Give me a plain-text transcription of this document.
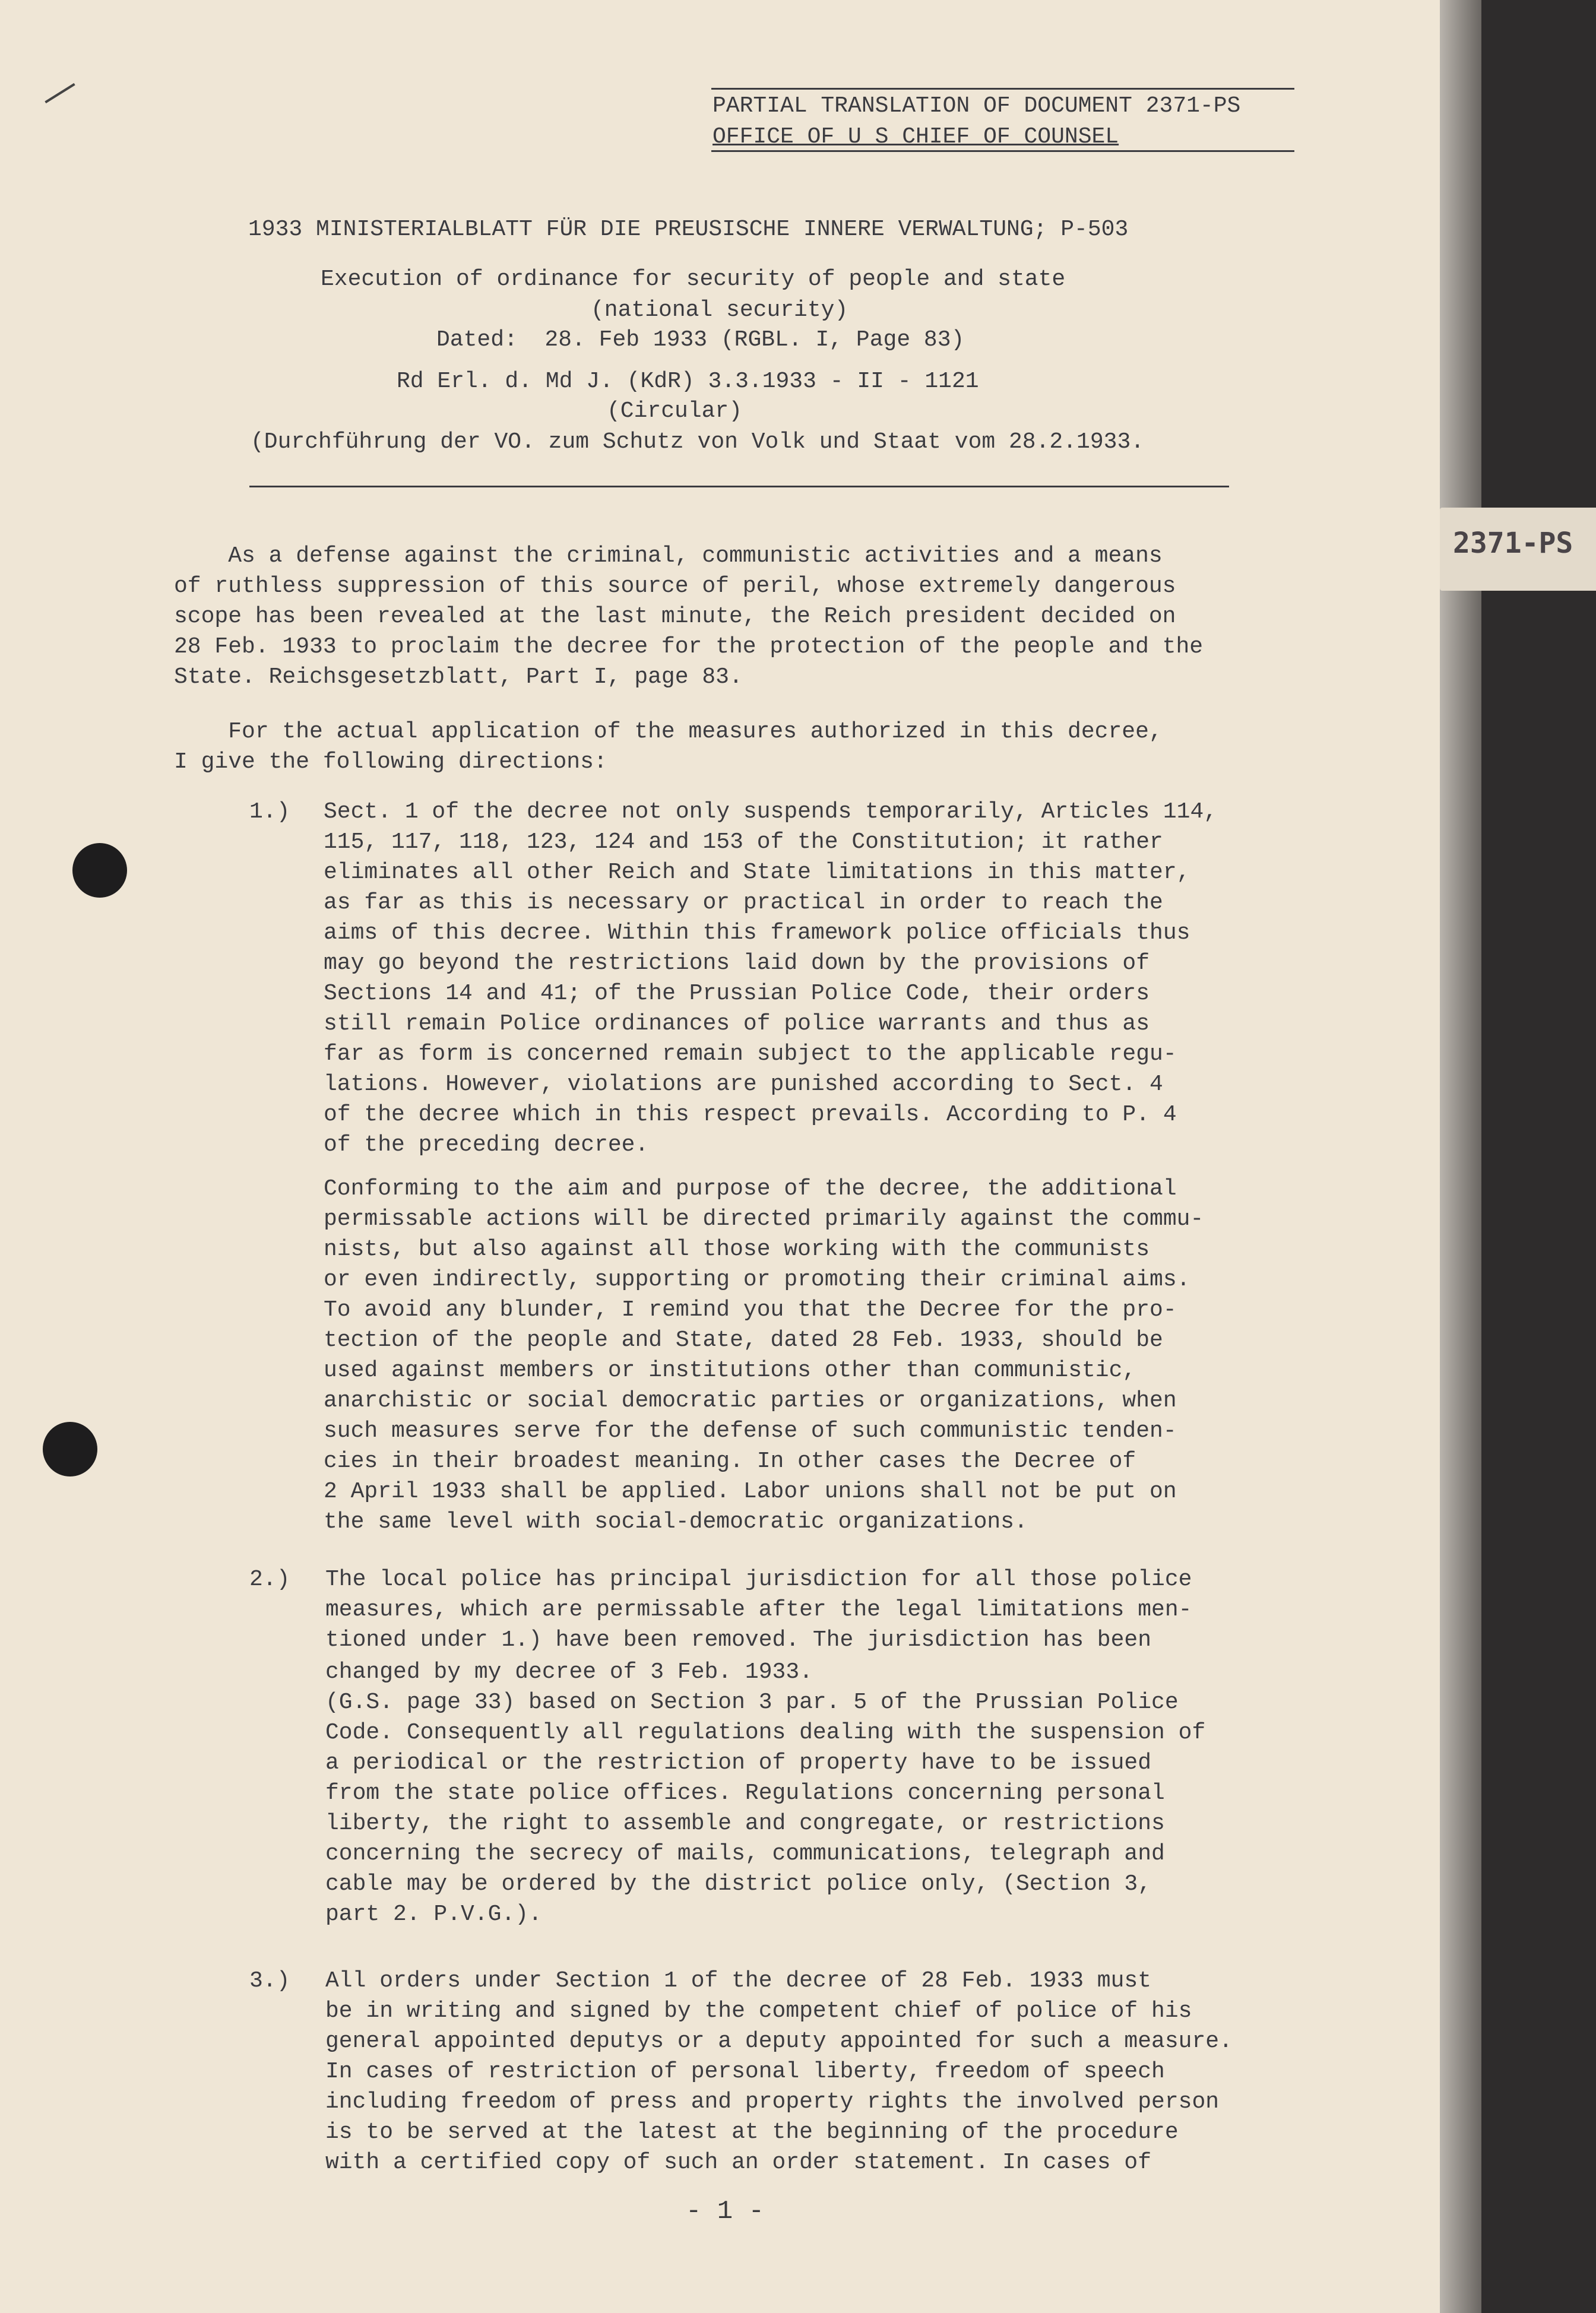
2371-PS
PARTIAL TRANSLATION OF DOCUMENT 2371-PS
OFFICE OF U S CHIEF OF COUNSEL
1933 MINISTERIALBLATT FÜR DIE PREUSISCHE INNERE VERWALTUNG; P-503
Execution of ordinance for security of people and state
(national security)
Dated:  28. Feb 1933 (RGBL. I, Page 83)
Rd Erl. d. Md J. (KdR) 3.3.1933 - II - 1121
(Circular)
(Durchführung der VO. zum Schutz von Volk und Staat vom 28.2.1933.
As a defense against the criminal, communistic activities and a means
of ruthless suppression of this source of peril, whose extremely dangerous
scope has been revealed at the last minute, the Reich president decided on
28 Feb. 1933 to proclaim the decree for the protection of the people and the
State. Reichsgesetzblatt, Part I, page 83.
For the actual application of the measures authorized in this decree,
I give the following directions:
1.) Sect. 1 of the decree not only suspends temporarily, Articles 114,
115, 117, 118, 123, 124 and 153 of the Constitution; it rather
eliminates all other Reich and State limitations in this matter,
as far as this is necessary or practical in order to reach the
aims of this decree. Within this framework police officials thus
may go beyond the restrictions laid down by the provisions of
Sections 14 and 41; of the Prussian Police Code, their orders
still remain Police ordinances of police warrants and thus as
far as form is concerned remain subject to the applicable regu-
lations. However, violations are punished according to Sect. 4
of the decree which in this respect prevails. According to P. 4
of the preceding decree.
Conforming to the aim and purpose of the decree, the additional
permissable actions will be directed primarily against the commu-
nists, but also against all those working with the communists
or even indirectly, supporting or promoting their criminal aims.
To avoid any blunder, I remind you that the Decree for the pro-
tection of the people and State, dated 28 Feb. 1933, should be
used against members or institutions other than communistic,
anarchistic or social democratic parties or organizations, when
such measures serve for the defense of such communistic tenden-
cies in their broadest meaning. In other cases the Decree of
2 April 1933 shall be applied. Labor unions shall not be put on
the same level with social-democratic organizations.
2.) The local police has principal jurisdiction for all those police
measures, which are permissable after the legal limitations men-
tioned under 1.) have been removed. The jurisdiction has been
changed by my decree of 3 Feb. 1933.
(G.S. page 33) based on Section 3 par. 5 of the Prussian Police
Code. Consequently all regulations dealing with the suspension of
a periodical or the restriction of property have to be issued
from the state police offices. Regulations concerning personal
liberty, the right to assemble and congregate, or restrictions
concerning the secrecy of mails, communications, telegraph and
cable may be ordered by the district police only, (Section 3,
part 2. P.V.G.).
3.) All orders under Section 1 of the decree of 28 Feb. 1933 must
be in writing and signed by the competent chief of police of his
general appointed deputys or a deputy appointed for such a measure.
In cases of restriction of personal liberty, freedom of speech
including freedom of press and property rights the involved person
is to be served at the latest at the beginning of the procedure
with a certified copy of such an order statement. In cases of
- 1 -
